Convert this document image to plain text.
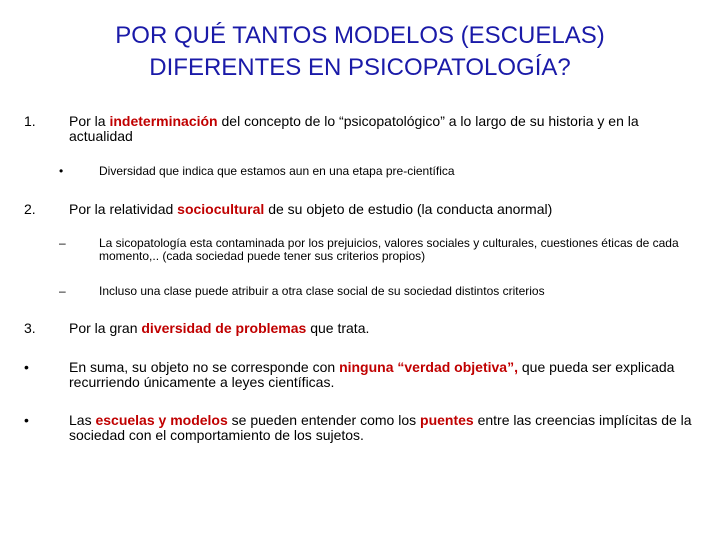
POR QUÉ TANTOS MODELOS (ESCUELAS)
DIFERENTES EN PSICOPATOLOGÍA?
1. Por la indeterminación del concepto de lo “psicopatológico” a lo largo de su historia y en la actualidad
•	Diversidad que indica que estamos aun en una etapa pre-científica
2. Por la relatividad sociocultural de su objeto de estudio (la conducta anormal)
–	La sicopatología esta contaminada por los prejuicios, valores sociales y culturales, cuestiones éticas de cada momento,.. (cada sociedad puede tener sus criterios propios)
–	Incluso una clase puede atribuir a otra clase social de su sociedad distintos criterios
3. Por la gran diversidad de problemas que trata.
•	En suma, su objeto no se corresponde con ninguna “verdad objetiva”, que pueda ser explicada recurriendo únicamente a leyes científicas.
•	Las escuelas y modelos se pueden entender como los puentes entre las creencias implícitas de la sociedad con el comportamiento de los sujetos.
